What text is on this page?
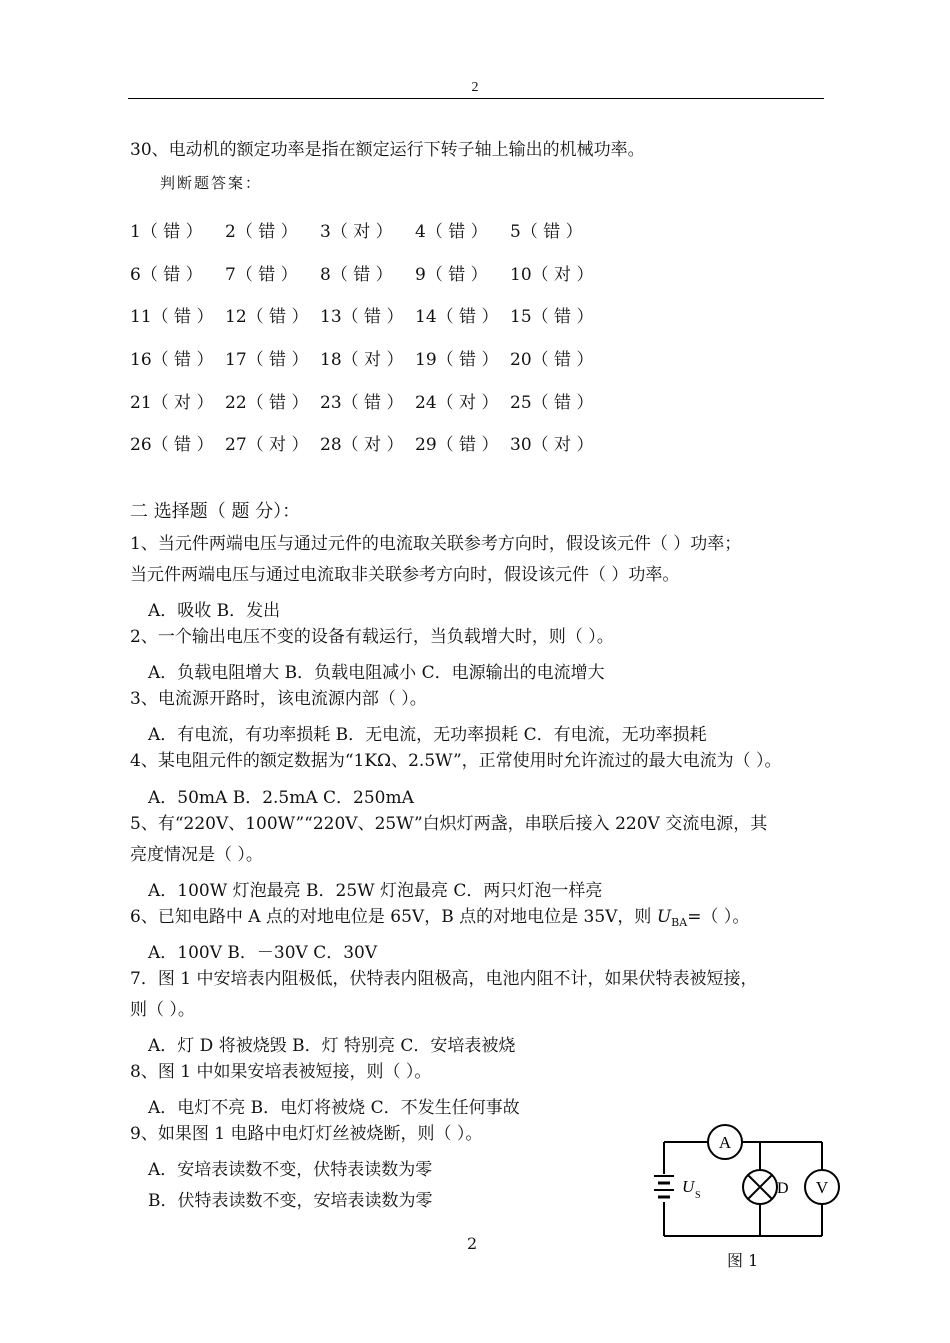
2
30、电动机的额定功率是指在额定运行下转子轴上输出的机械功率。
判断题答案：
1（ 错 ） 2（ 错 ） 3（ 对 ） 4（ 错 ） 5（ 错 ）
6（ 错 ） 7（ 错 ） 8（ 错 ） 9（ 错 ） 10（ 对 ）
11（ 错 ） 12（ 错 ） 13（ 错 ） 14（ 错 ） 15（ 错 ）
16（ 错 ） 17（ 错 ） 18（ 对 ） 19（ 错 ） 20（ 错 ）
21（ 对 ） 22（ 错 ） 23（ 错 ） 24（ 对 ） 25（ 错 ）
26（ 错 ） 27（ 对 ） 28（ 对 ） 29（ 错 ） 30（ 对 ）
二 选择题（ 题 分）：
1、当元件两端电压与通过元件的电流取关联参考方向时，假设该元件（ ）功率；
当元件两端电压与通过电流取非关联参考方向时，假设该元件（ ）功率。
A．吸收 B．发出
2、一个输出电压不变的设备有载运行，当负载增大时，则（ ）。
A．负载电阻增大 B．负载电阻减小 C．电源输出的电流增大
3、电流源开路时，该电流源内部（ ）。
A．有电流，有功率损耗 B．无电流，无功率损耗 C．有电流，无功率损耗
4、某电阻元件的额定数据为“1KΩ、2.5W”，正常使用时允许流过的最大电流为（ ）。
A．50mA B．2.5mA C．250mA
5、有“220V、100W”“220V、25W”白炽灯两盏，串联后接入 220V 交流电源，其
亮度情况是（ ）。
A．100W 灯泡最亮 B．25W 灯泡最亮 C．两只灯泡一样亮
6、已知电路中 A 点的对地电位是 65V，B 点的对地电位是 35V，则 $U_{BA}=$（ ）。
A．100V B．－30V C．30V
7．图 1 中安培表内阻极低，伏特表内阻极高，电池内阻不计，如果伏特表被短接，
则（ ）。
A．灯 D 将被烧毁 B．灯 特别亮 C．安培表被烧
8、图 1 中如果安培表被短接，则（ ）。
A．电灯不亮 B．电灯将被烧 C．不发生任何事故
9、如果图 1 电路中电灯灯丝被烧断，则（ ）。
A．安培表读数不变，伏特表读数为零
B．伏特表读数不变，安培表读数为零
A
V
D
U S
图 1
2
